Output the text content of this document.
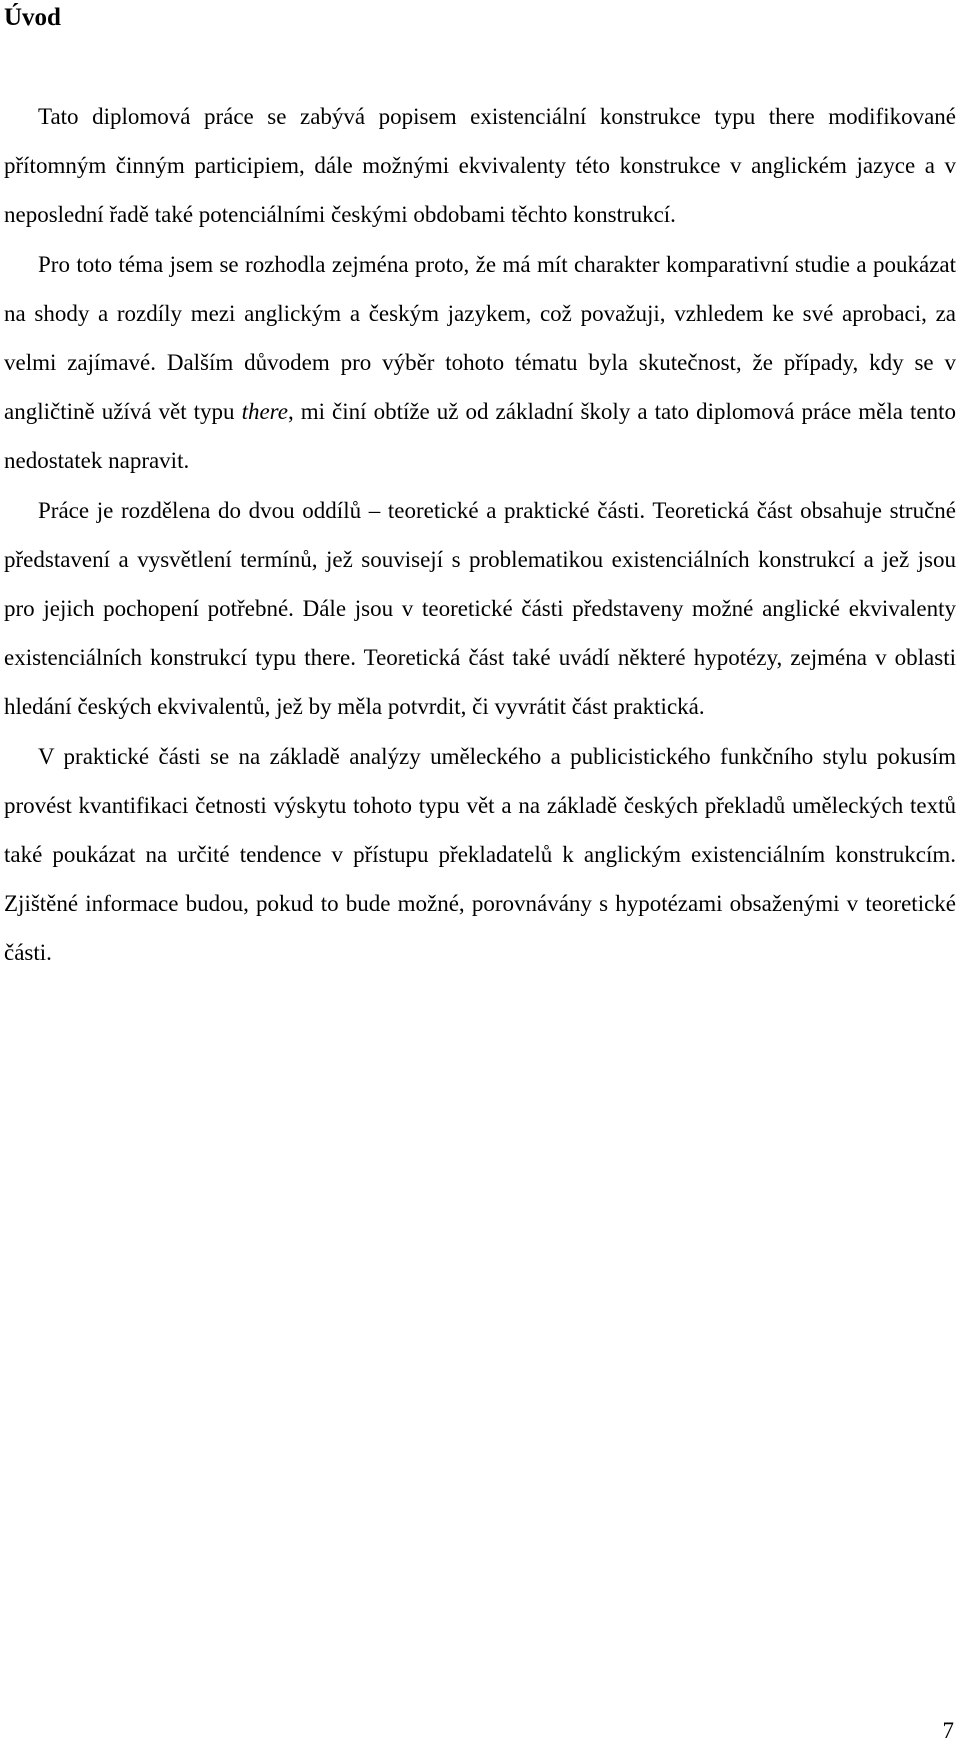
Úvod

Tato diplomová práce se zabývá popisem existenciální konstrukce typu there modifikované přítomným činným participiem, dále možnými ekvivalenty této konstrukce v anglickém jazyce a v neposlední řadě také potenciálními českými obdobami těchto konstrukcí.

Pro toto téma jsem se rozhodla zejména proto, že má mít charakter komparativní studie a poukázat na shody a rozdíly mezi anglickým a českým jazykem, což považuji, vzhledem ke své aprobaci, za velmi zajímavé. Dalším důvodem pro výběr tohoto tématu byla skutečnost, že případy, kdy se v angličtině užívá vět typu there, mi činí obtíže už od základní školy a tato diplomová práce měla tento nedostatek napravit.

Práce je rozdělena do dvou oddílů – teoretické a praktické části. Teoretická část obsahuje stručné představení a vysvětlení termínů, jež souvisejí s problematikou existenciálních konstrukcí a jež jsou pro jejich pochopení potřebné. Dále jsou v teoretické části představeny možné anglické ekvivalenty existenciálních konstrukcí typu there. Teoretická část také uvádí některé hypotézy, zejména v oblasti hledání českých ekvivalentů, jež by měla potvrdit, či vyvrátit část praktická.

V praktické části se na základě analýzy uměleckého a publicistického funkčního stylu pokusím provést kvantifikaci četnosti výskytu tohoto typu vět a na základě českých překladů uměleckých textů také poukázat na určité tendence v přístupu překladatelů k anglickým existenciálním konstrukcím. Zjištěné informace budou, pokud to bude možné, porovnávány s hypotézami obsaženými v teoretické části.

7
